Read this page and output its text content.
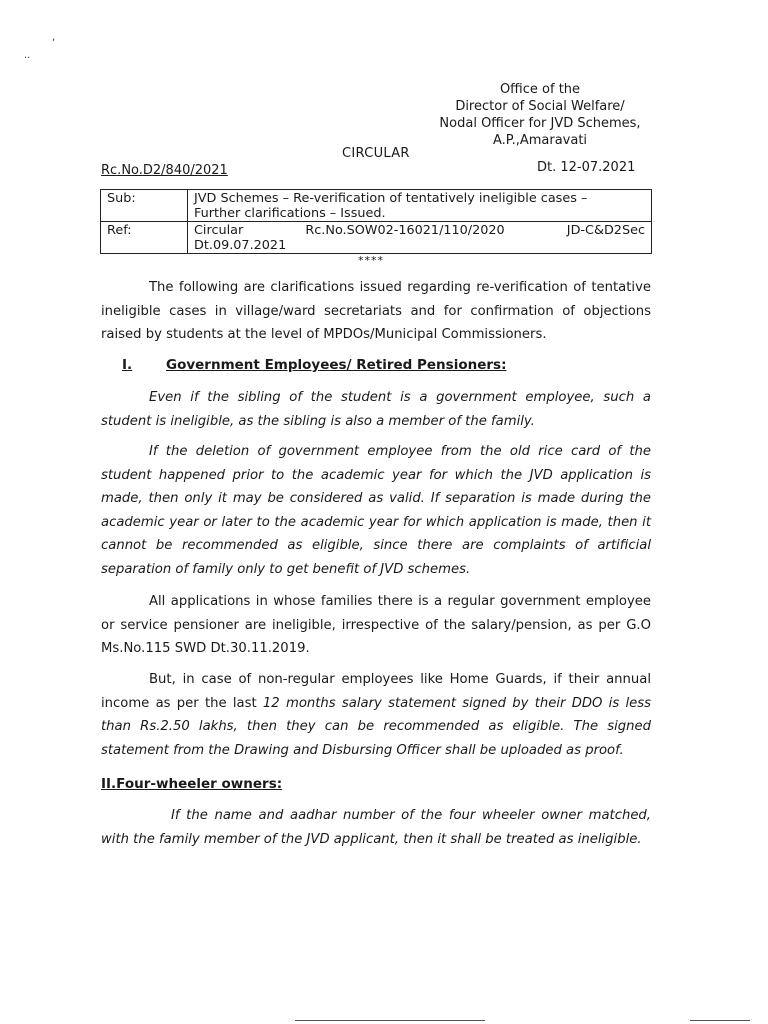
,
..
Office of the
Director of Social Welfare/
Nodal Officer for JVD Schemes,
A.P.,Amaravati
CIRCULAR
Rc.No.D2/840/2021	Dt. 12-07.2021
Sub:	JVD Schemes – Re-verification of tentatively ineligible cases –
Further clarifications – Issued.

Ref:	Circular Rc.No.SOW02-16021/110/2020 JD-C&D2Sec
Dt.09.07.2021
****
The following are clarifications issued regarding re-verification of tentative ineligible cases in village/ward secretariats and for confirmation of objections raised by students at the level of MPDOs/Municipal Commissioners.
I.	Government Employees/ Retired Pensioners:
Even if the sibling of the student is a government employee, such a student is ineligible, as the sibling is also a member of the family.
If the deletion of government employee from the old rice card of the student happened prior to the academic year for which the JVD application is made, then only it may be considered as valid. If separation is made during the academic year or later to the academic year for which application is made, then it cannot be recommended as eligible, since there are complaints of artificial separation of family only to get benefit of JVD schemes.
All applications in whose families there is a regular government employee or service pensioner are ineligible, irrespective of the salary/pension, as per G.O Ms.No.115 SWD Dt.30.11.2019.
But, in case of non-regular employees like Home Guards, if their annual income as per the last 12 months salary statement signed by their DDO is less than Rs.2.50 lakhs, then they can be recommended as eligible. The signed statement from the Drawing and Disbursing Officer shall be uploaded as proof.
II.Four-wheeler owners:
If the name and aadhar number of the four wheeler owner matched, with the family member of the JVD applicant, then it shall be treated as ineligible.
